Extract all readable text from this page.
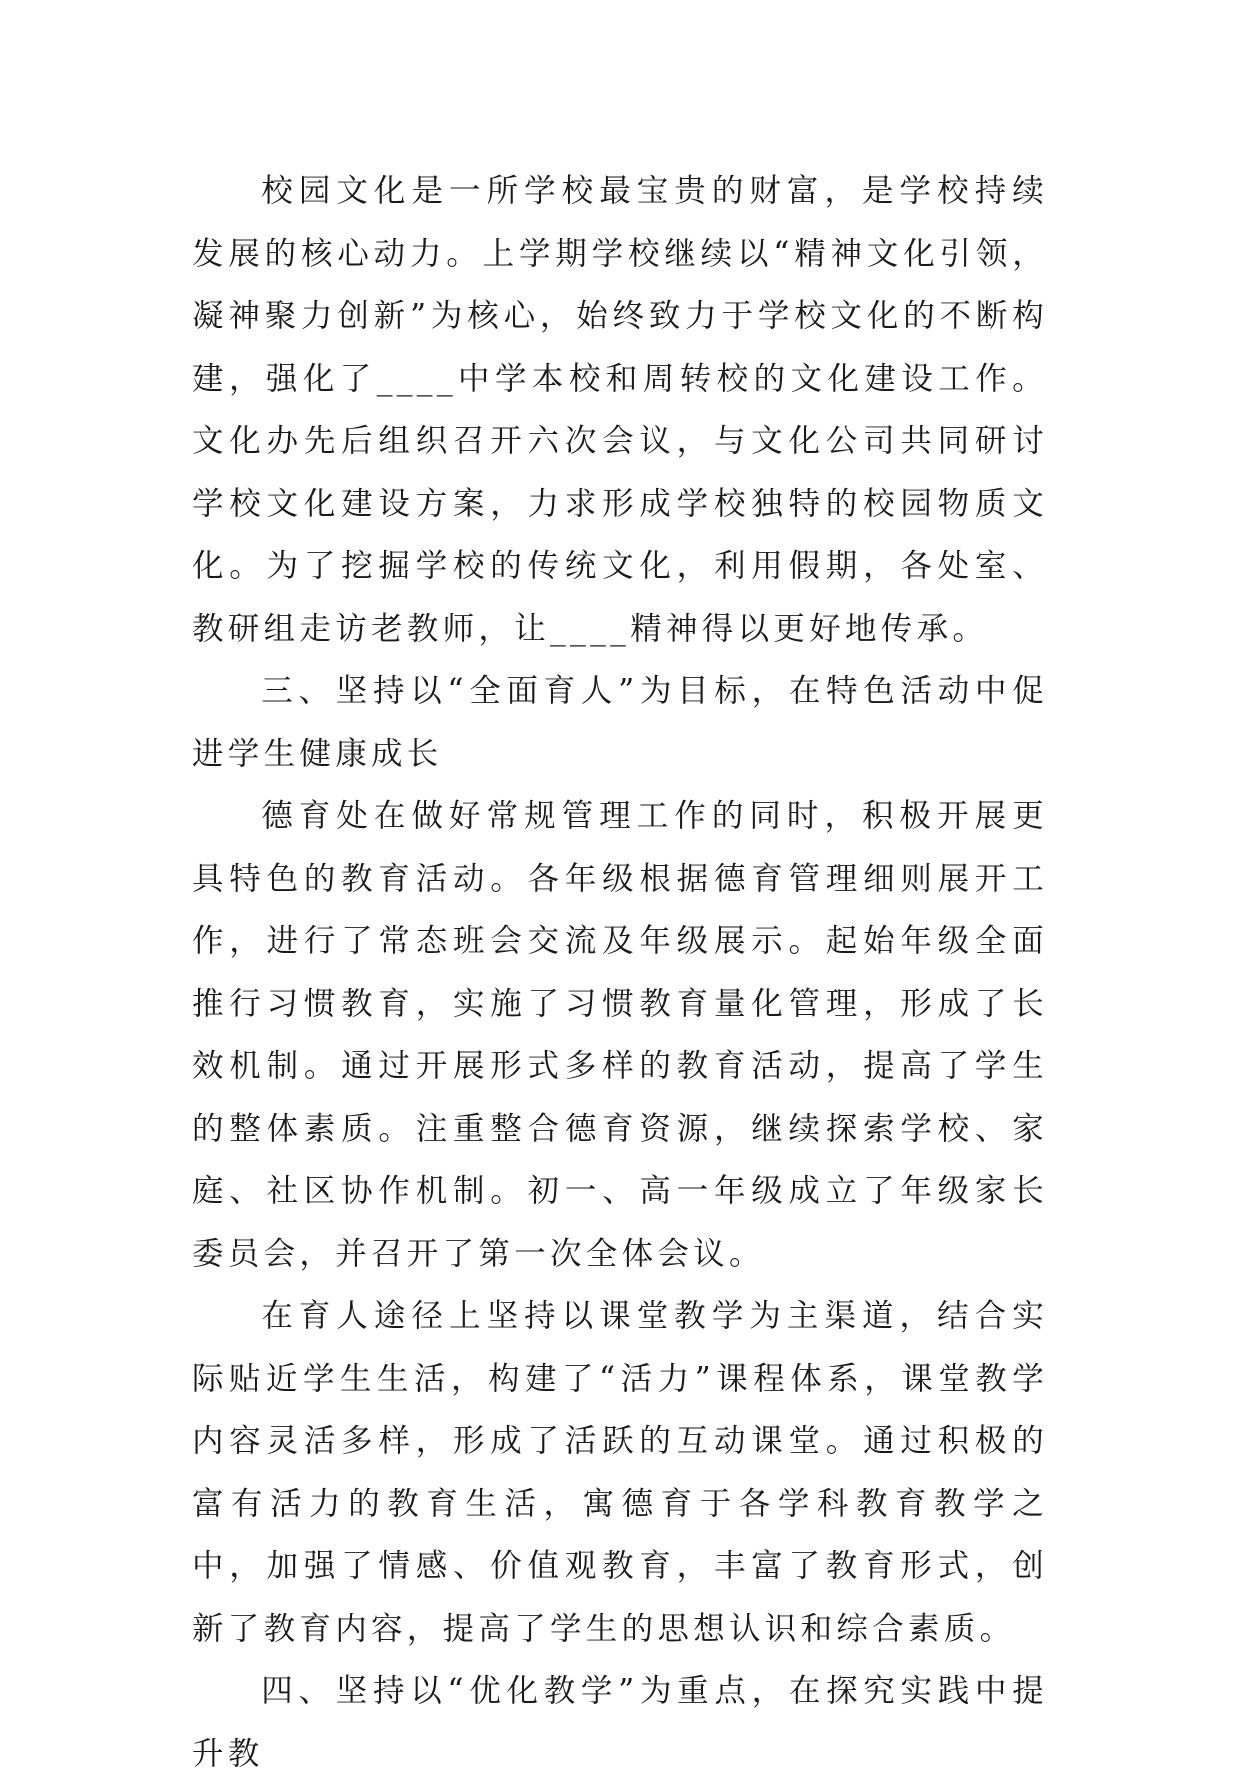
校园文化是一所学校最宝贵的财富，是学校持续发展的核心动力。上学期学校继续以“精神文化引领，凝神聚力创新”为核心，始终致力于学校文化的不断构建，强化了____中学本校和周转校的文化建设工作。文化办先后组织召开六次会议，与文化公司共同研讨学校文化建设方案，力求形成学校独特的校园物质文化。为了挖掘学校的传统文化，利用假期，各处室、教研组走访老教师，让____精神得以更好地传承。

三、坚持以“全面育人”为目标，在特色活动中促进学生健康成长

德育处在做好常规管理工作的同时，积极开展更具特色的教育活动。各年级根据德育管理细则展开工作，进行了常态班会交流及年级展示。起始年级全面推行习惯教育，实施了习惯教育量化管理，形成了长效机制。通过开展形式多样的教育活动，提高了学生的整体素质。注重整合德育资源，继续探索学校、家庭、社区协作机制。初一、高一年级成立了年级家长委员会，并召开了第一次全体会议。

在育人途径上坚持以课堂教学为主渠道，结合实际贴近学生生活，构建了“活力”课程体系，课堂教学内容灵活多样，形成了活跃的互动课堂。通过积极的富有活力的教育生活，寓德育于各学科教育教学之中，加强了情感、价值观教育，丰富了教育形式，创新了教育内容，提高了学生的思想认识和综合素质。

四、坚持以“优化教学”为重点，在探究实践中提升教
